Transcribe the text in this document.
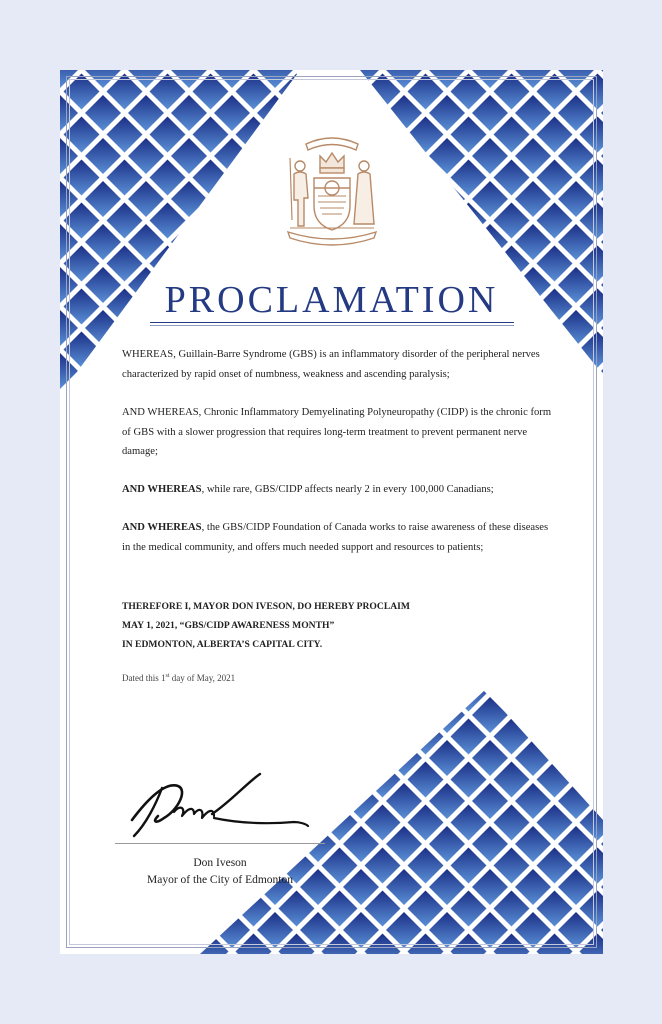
PROCLAMATION

WHEREAS, Guillain-Barre Syndrome (GBS) is an inflammatory disorder of the peripheral nerves characterized by rapid onset of numbness, weakness and ascending paralysis;

AND WHEREAS, Chronic Inflammatory Demyelinating Polyneuropathy (CIDP) is the chronic form of GBS with a slower progression that requires long-term treatment to prevent permanent nerve damage;

AND WHEREAS, while rare, GBS/CIDP affects nearly 2 in every 100,000 Canadians;

AND WHEREAS, the GBS/CIDP Foundation of Canada works to raise awareness of these diseases in the medical community, and offers much needed support and resources to patients;

THEREFORE I, MAYOR DON IVESON, DO HEREBY PROCLAIM
MAY 1, 2021, “GBS/CIDP AWARENESS MONTH”
IN EDMONTON, ALBERTA’S CAPITAL CITY.
Dated this 1st day of May, 2021
Don Iveson
Mayor of the City of Edmonton
